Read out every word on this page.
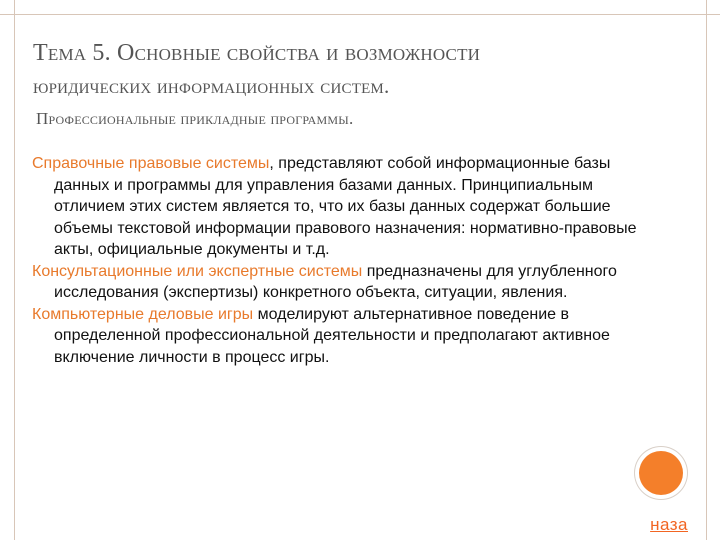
Тема 5. Основные свойства и возможности
юридических информационных систем.
Профессиональные прикладные программы.

Справочные правовые системы, представляют собой информационные базы данных и программы для управления базами данных. Принципиальным отличием этих систем является то, что их базы данных содержат большие объемы текстовой информации правового назначения: нормативно-правовые акты, официальные документы и т.д.

Консультационные или экспертные системы предназначены для углубленного исследования (экспертизы) конкретного объекта, ситуации, явления.

Компьютерные деловые игры моделируют альтернативное поведение в определенной профессиональной деятельности и предполагают активное включение личности в процесс игры.

наза
